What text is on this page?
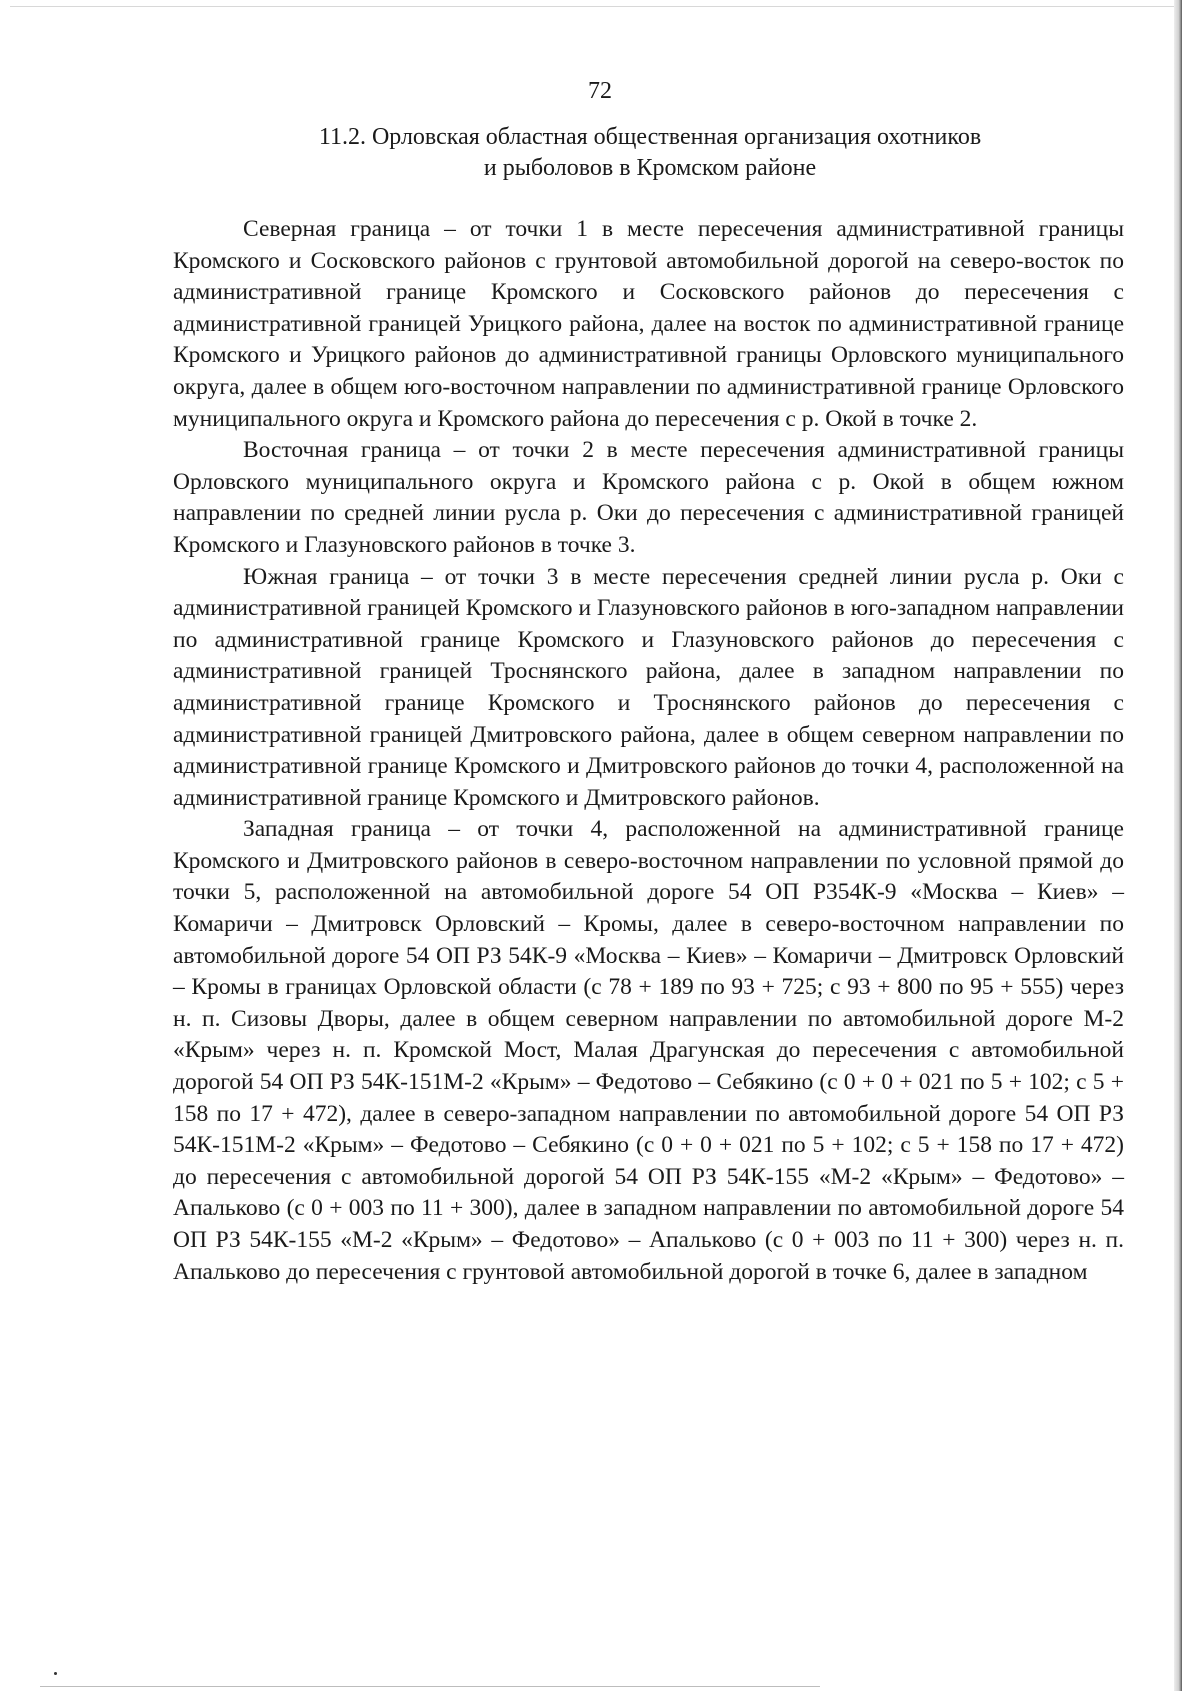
72
11.2. Орловская областная общественная организация охотников
и рыболовов в Кромском районе

Северная граница – от точки 1 в месте пересечения административной границы Кромского и Сосковского районов с грунтовой автомобильной дорогой на северо-восток по административной границе Кромского и Сосковского районов до пересечения с административной границей Урицкого района, далее на восток по административной границе Кромского и Урицкого районов до административной границы Орловского муниципального округа, далее в общем юго-восточном направлении по административной границе Орловского муниципального округа и Кромского района до пересечения с р. Окой в точке 2.

Восточная граница – от точки 2 в месте пересечения административной границы Орловского муниципального округа и Кромского района с р. Окой в общем южном направлении по средней линии русла р. Оки до пересечения с административной границей Кромского и Глазуновского районов в точке 3.

Южная граница – от точки 3 в месте пересечения средней линии русла р. Оки с административной границей Кромского и Глазуновского районов в юго-западном направлении по административной границе Кромского и Глазуновского районов до пересечения с административной границей Троснянского района, далее в западном направлении по административной границе Кромского и Троснянского районов до пересечения с административной границей Дмитровского района, далее в общем северном направлении по административной границе Кромского и Дмитровского районов до точки 4, расположенной на административной границе Кромского и Дмитровского районов.

Западная граница – от точки 4, расположенной на административной границе Кромского и Дмитровского районов в северо-восточном направлении по условной прямой до точки 5, расположенной на автомобильной дороге 54 ОП Р354К-9 «Москва – Киев» – Комаричи – Дмитровск Орловский – Кромы, далее в северо-восточном направлении по автомобильной дороге 54 ОП РЗ 54К-9 «Москва – Киев» – Комаричи – Дмитровск Орловский – Кромы в границах Орловской области (с 78 + 189 по 93 + 725; с 93 + 800 по 95 + 555) через н. п. Сизовы Дворы, далее в общем северном направлении по автомобильной дороге М-2 «Крым» через н. п. Кромской Мост, Малая Драгунская до пересечения с автомобильной дорогой 54 ОП РЗ 54К-151М-2 «Крым» – Федотово – Себякино (с 0 + 0 + 021 по 5 + 102; с 5 + 158 по 17 + 472), далее в северо-западном направлении по автомобильной дороге 54 ОП РЗ 54К-151М-2 «Крым» – Федотово – Себякино (с 0 + 0 + 021 по 5 + 102; с 5 + 158 по 17 + 472) до пересечения с автомобильной дорогой 54 ОП РЗ 54К-155 «М-2 «Крым» – Федотово» – Апальково (с 0 + 003 по 11 + 300), далее в западном направлении по автомобильной дороге 54 ОП РЗ 54К-155 «М-2 «Крым» – Федотово» – Апальково (с 0 + 003 по 11 + 300) через н. п. Апальково до пересечения с грунтовой автомобильной дорогой в точке 6, далее в западном
